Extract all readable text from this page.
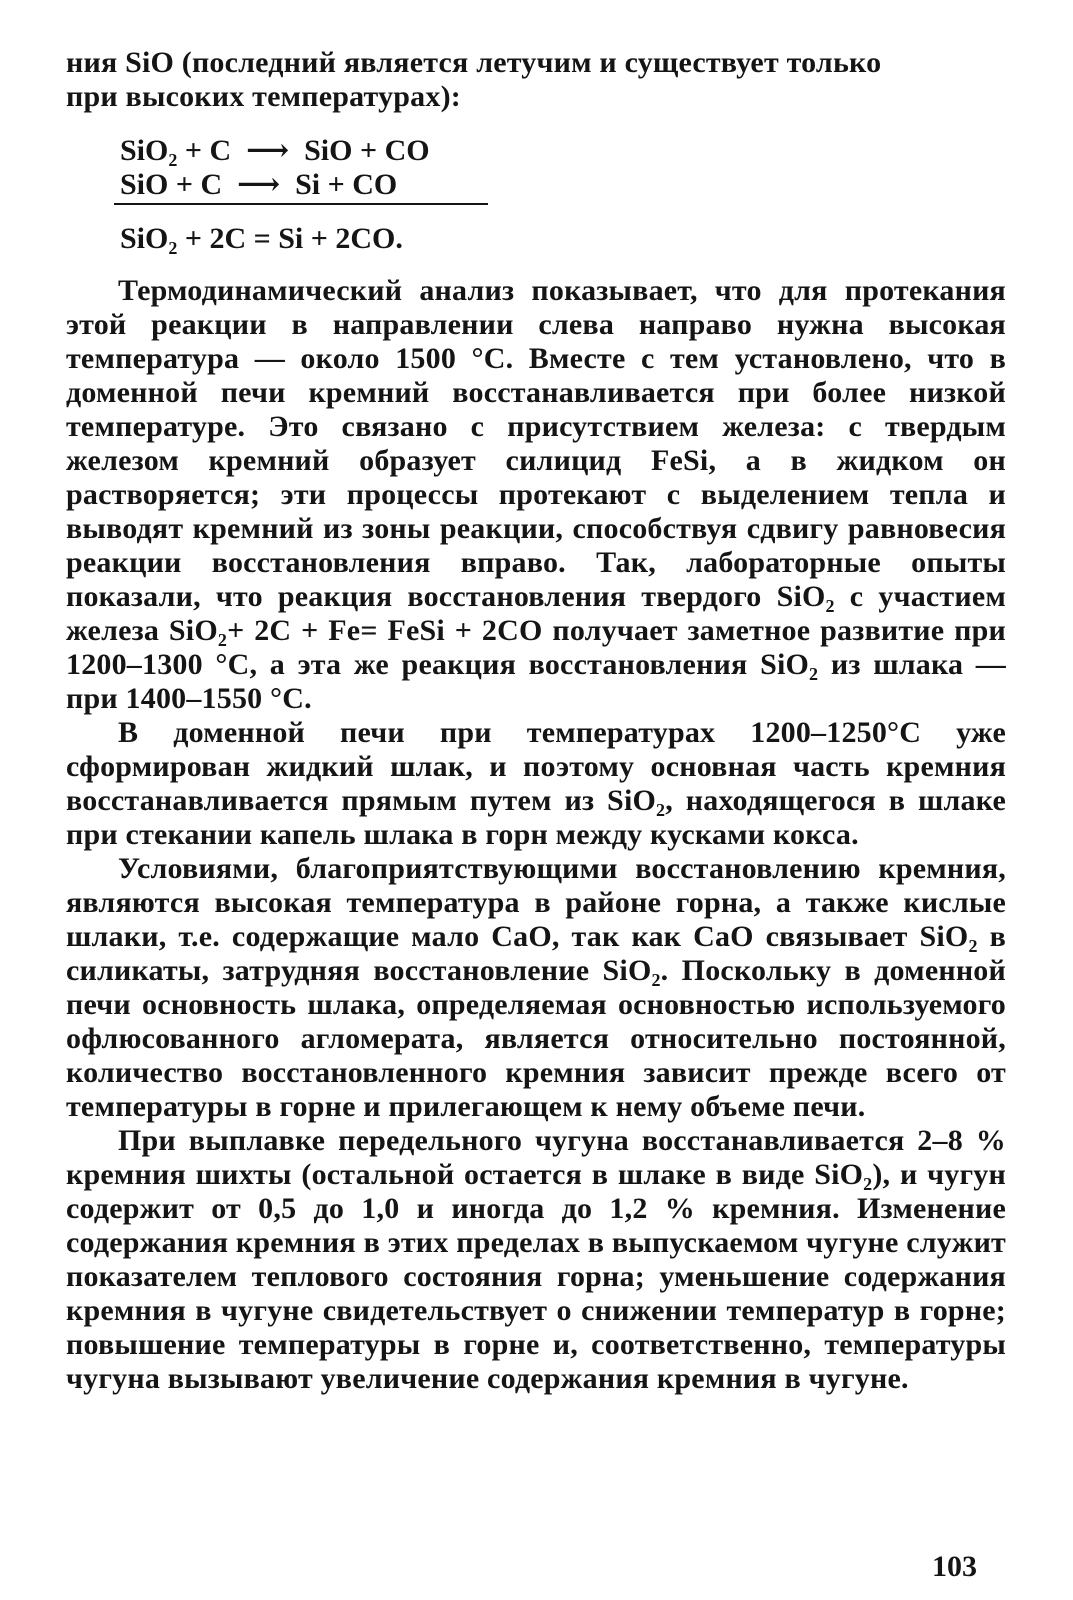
ния SiO (последний является летучим и существует только

при высоких температурах):

SiO₂ + C  ⟶  SiO + CO
SiO + C  ⟶  Si + CO
SiO₂ + 2C = Si + 2CO.

Термодинамический анализ показывает, что для протекания этой реакции в направлении слева направо нужна высокая температура — около 1500 °C. Вместе с тем установлено, что в доменной печи кремний восстанавливается при более низкой температуре. Это связано с присутствием железа: с твердым железом кремний образует силицид FeSi, а в жидком он растворяется; эти процессы протекают с выделением тепла и выводят кремний из зоны реакции, способствуя сдвигу равновесия реакции восстановления вправо. Так, лабораторные опыты показали, что реакция восстановления твердого SiO₂ с участием железа SiO₂+ 2C + Fe= FeSi + 2CO получает заметное развитие при 1200–1300 °C, а эта же реакция восстановления SiO₂ из шлака — при 1400–1550 °C.

В доменной печи при температурах 1200–1250°С уже сформирован жидкий шлак, и поэтому основная часть кремния восстанавливается прямым путем из SiO₂, находящегося в шлаке при стекании капель шлака в горн между кусками кокса.

Условиями, благоприятствующими восстановлению кремния, являются высокая температура в районе горна, а также кислые шлаки, т.е. содержащие мало CaO, так как CaO связывает SiO₂ в силикаты, затрудняя восстановление SiO₂. Поскольку в доменной печи основность шлака, определяемая основностью используемого офлюсованного агломерата, является относительно постоянной, количество восстановленного кремния зависит прежде всего от температуры в горне и прилегающем к нему объеме печи.

При выплавке передельного чугуна восстанавливается 2–8 % кремния шихты (остальной остается в шлаке в виде SiO₂), и чугун содержит от 0,5 до 1,0 и иногда до 1,2 % кремния. Изменение содержания кремния в этих пределах в выпускаемом чугуне служит показателем теплового состояния горна; уменьшение содержания кремния в чугуне свидетельствует о снижении температур в горне; повышение температуры в горне и, соответственно, температуры чугуна вызывают увеличение содержания кремния в чугуне.

103
